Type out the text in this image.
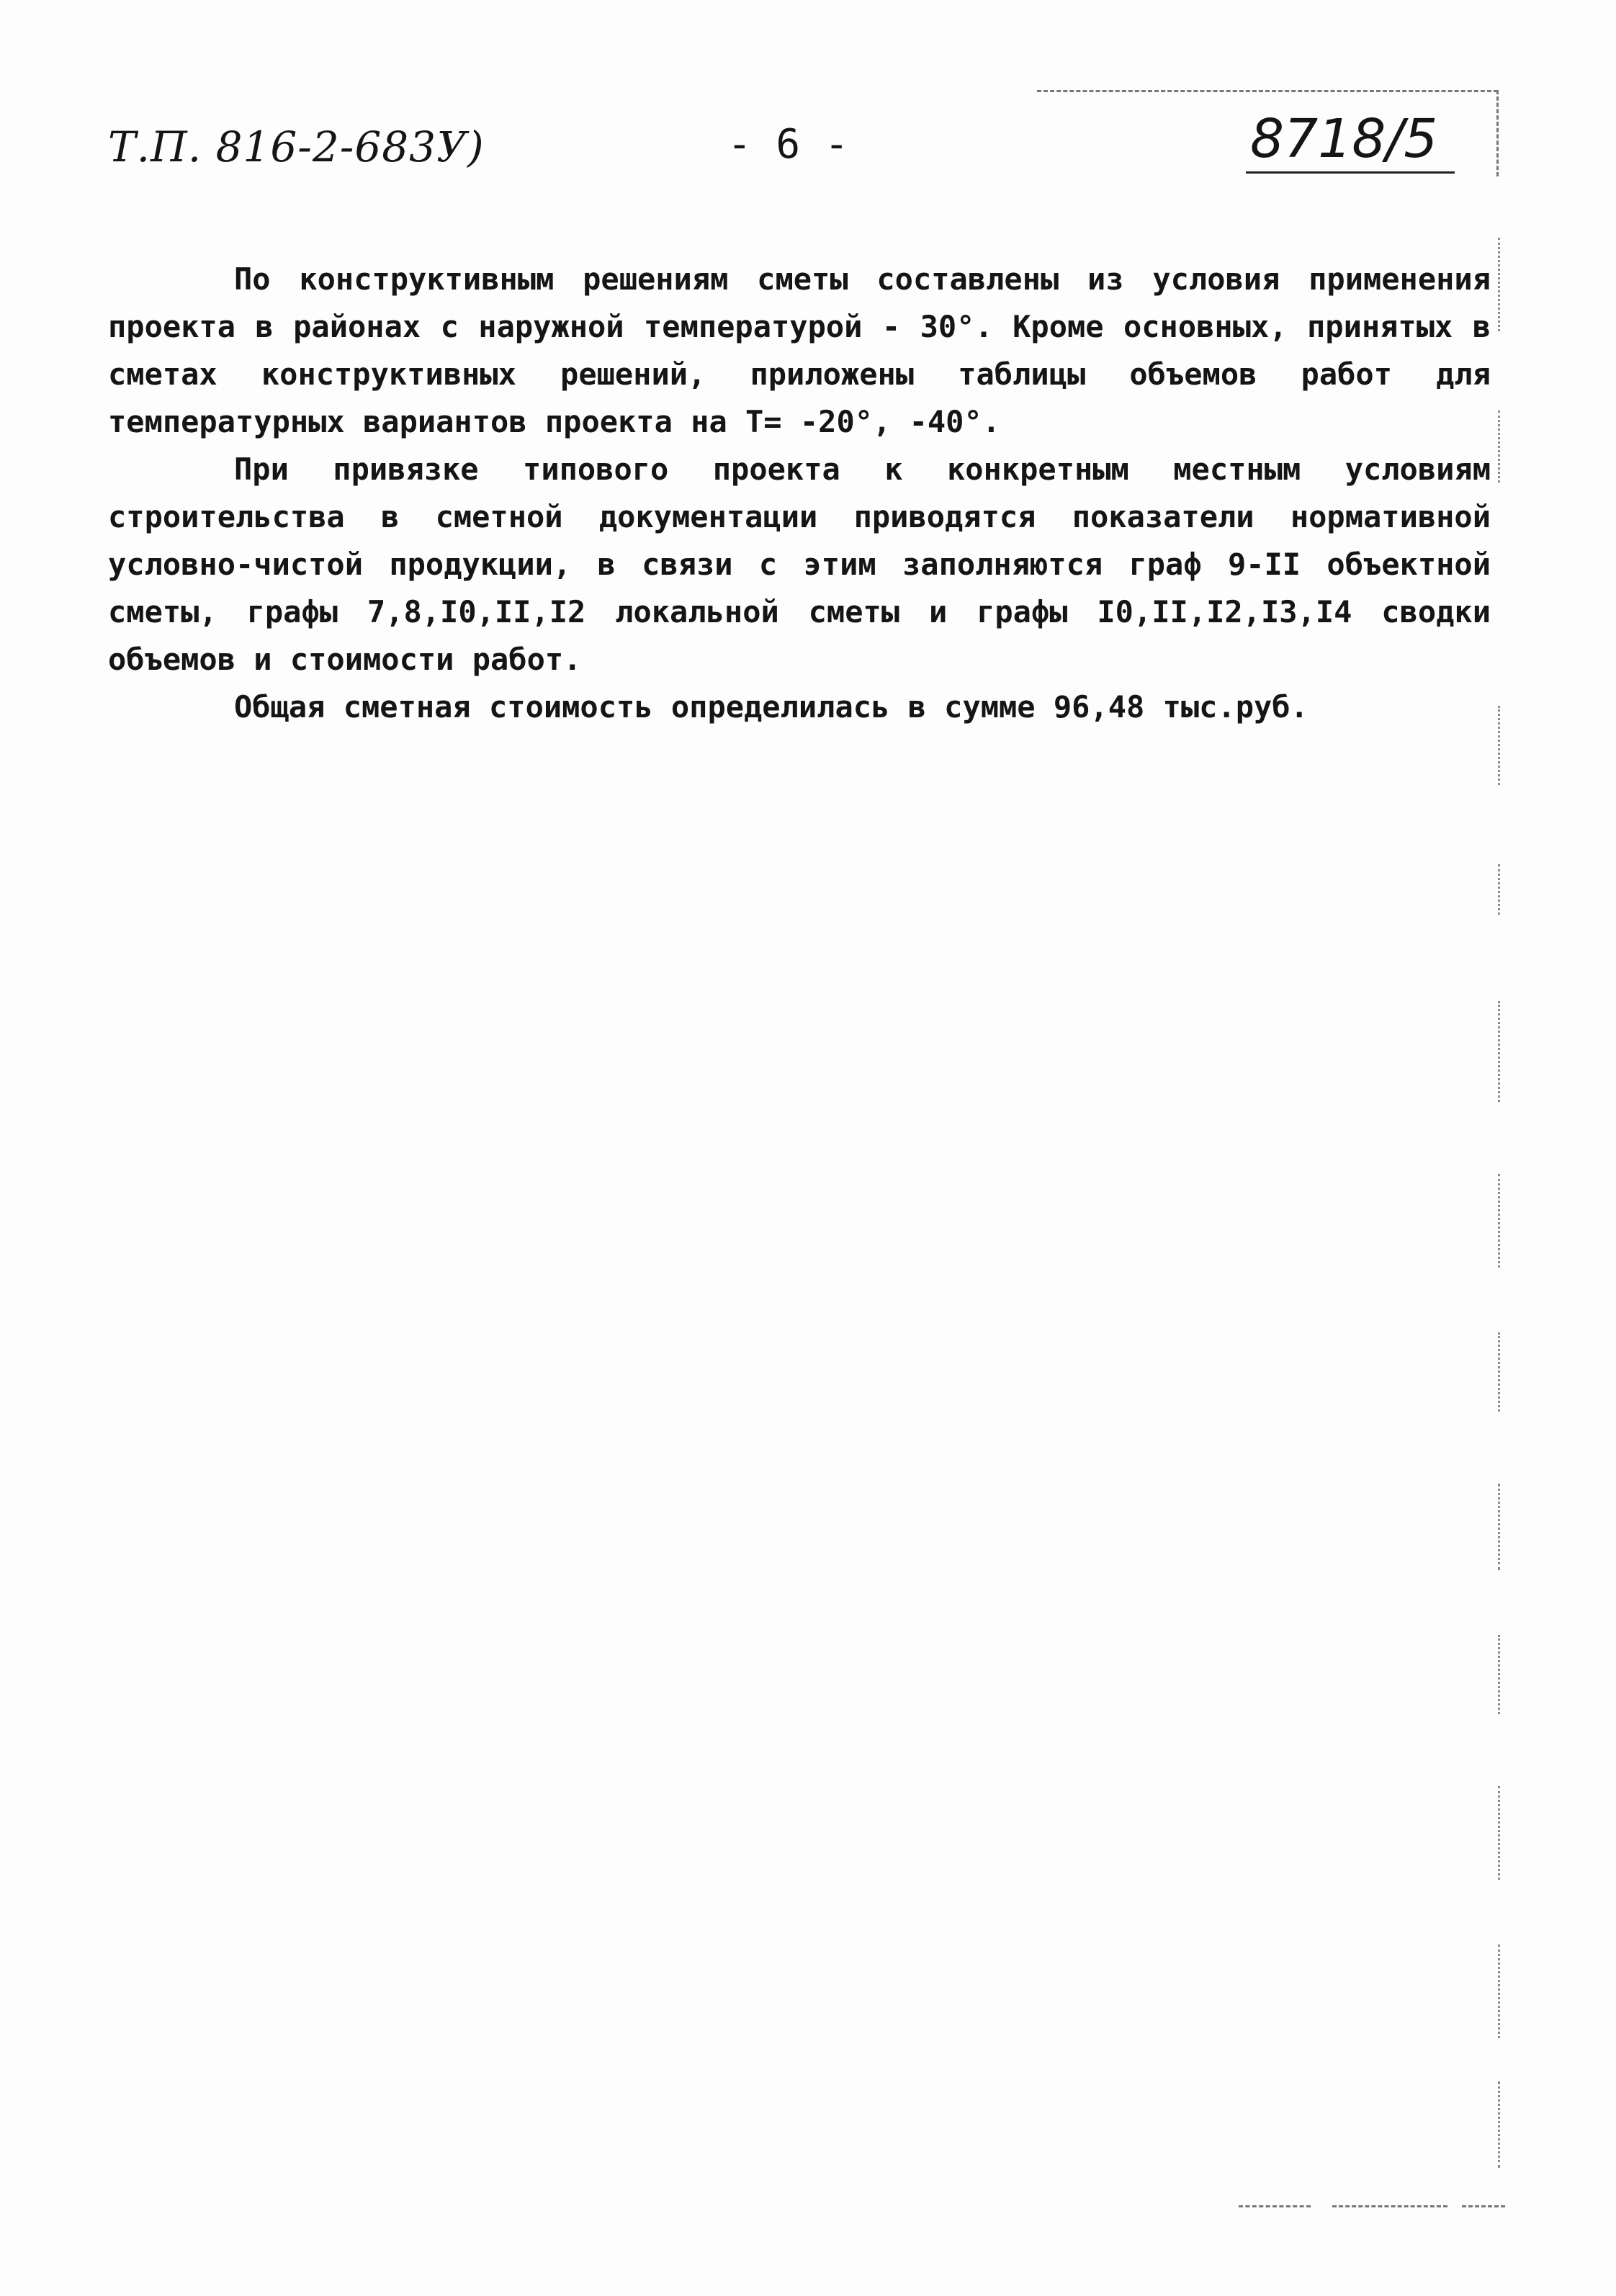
Т.П. 816-2-683У)	- 6 -	8718/5

По конструктивным решениям сметы составлены из условия применения проекта в районах с наружной температурой - 30°. Кроме основных, принятых в сметах конструктивных решений, приложены таблицы объемов работ для температурных вариантов проекта на Т= -20°, -40°.

При привязке типового проекта к конкретным местным условиям строительства в сметной документации приводятся показатели нормативной условно-чистой продукции, в связи с этим заполняются граф 9-II объектной сметы, графы 7,8,I0,II,I2 локальной сметы и графы I0,II,I2,I3,I4 сводки объемов и стоимости работ.

Общая сметная стоимость определилась в сумме 96,48 тыс.руб.
